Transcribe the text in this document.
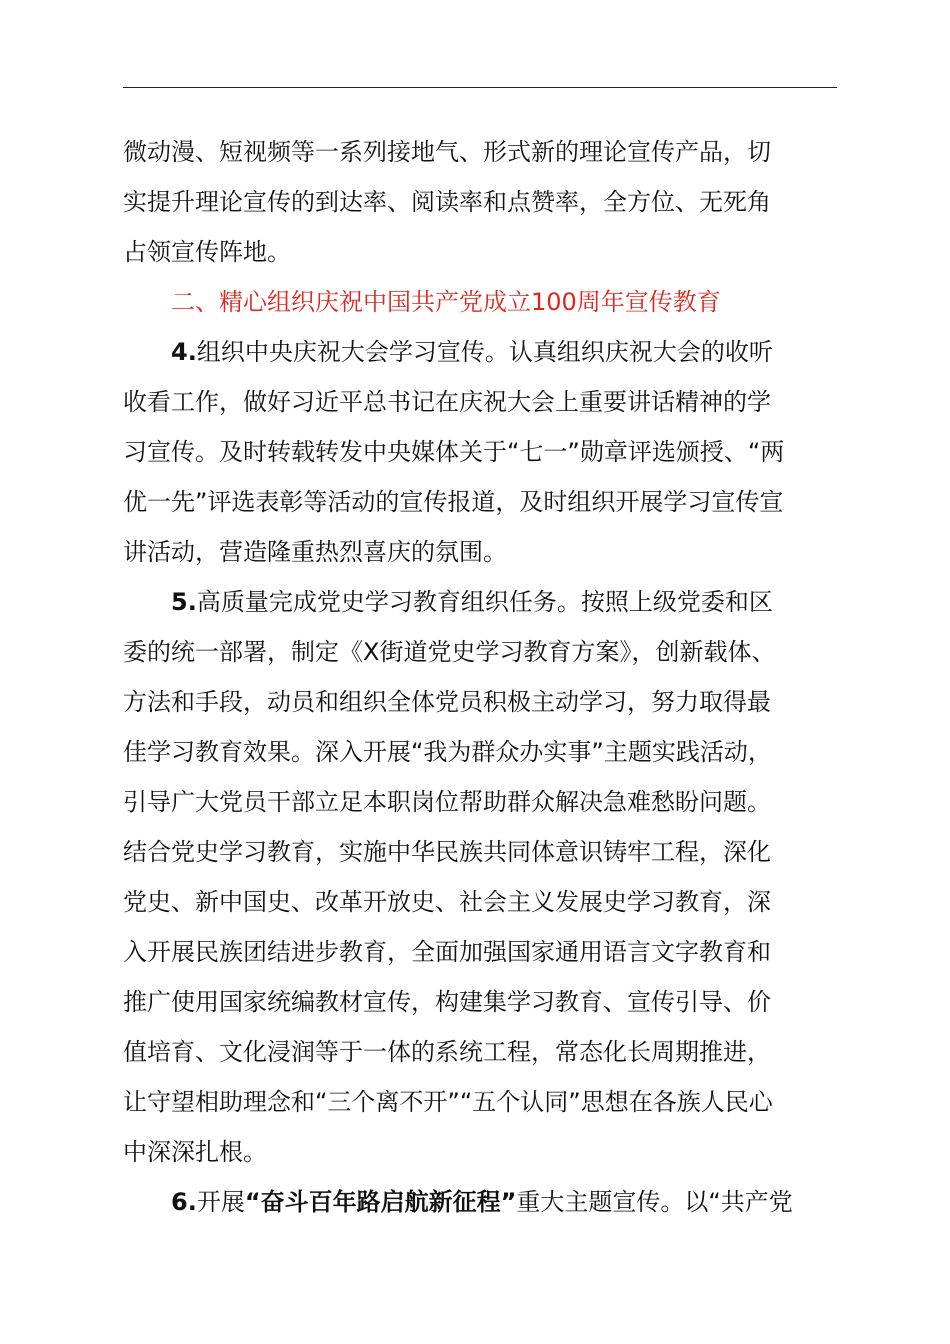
微动漫、短视频等一系列接地气、形式新的理论宣传产品，切
实提升理论宣传的到达率、阅读率和点赞率，全方位、无死角
占领宣传阵地。
二、精心组织庆祝中国共产党成立100周年宣传教育
4.组织中央庆祝大会学习宣传。认真组织庆祝大会的收听
收看工作，做好习近平总书记在庆祝大会上重要讲话精神的学
习宣传。及时转载转发中央媒体关于“七一”勋章评选颁授、“两
优一先”评选表彰等活动的宣传报道，及时组织开展学习宣传宣
讲活动，营造隆重热烈喜庆的氛围。
5.高质量完成党史学习教育组织任务。按照上级党委和区
委的统一部署，制定《X街道党史学习教育方案》，创新载体、
方法和手段，动员和组织全体党员积极主动学习，努力取得最
佳学习教育效果。深入开展“我为群众办实事”主题实践活动，
引导广大党员干部立足本职岗位帮助群众解决急难愁盼问题。
结合党史学习教育，实施中华民族共同体意识铸牢工程，深化
党史、新中国史、改革开放史、社会主义发展史学习教育，深
入开展民族团结进步教育，全面加强国家通用语言文字教育和
推广使用国家统编教材宣传，构建集学习教育、宣传引导、价
值培育、文化浸润等于一体的系统工程，常态化长周期推进，
让守望相助理念和“三个离不开”“五个认同”思想在各族人民心
中深深扎根。
6.开展“奋斗百年路启航新征程”重大主题宣传。以“共产党
